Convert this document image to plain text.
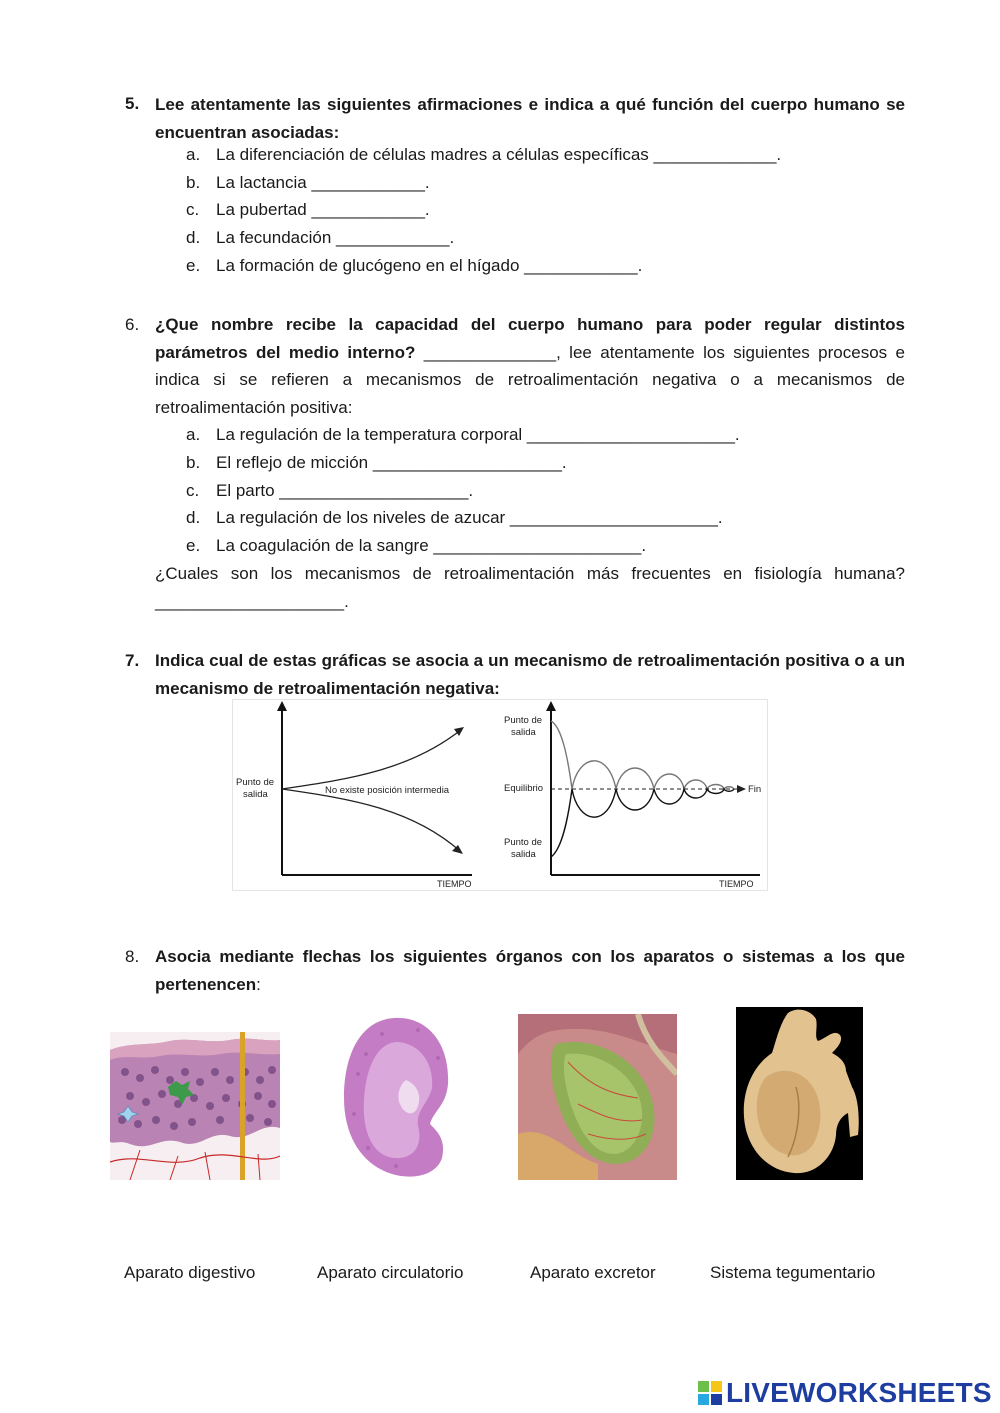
5. Lee atentamente las siguientes afirmaciones e indica a qué función del cuerpo humano se encuentran asociadas:
a. La diferenciación de células madres a células específicas _____________.
b. La lactancia ____________.
c. La pubertad ____________.
d. La fecundación ____________.
e. La formación de glucógeno en el hígado ____________.
6. ¿Que nombre recibe la capacidad del cuerpo humano para poder regular distintos parámetros del medio interno? ______________, lee atentamente los siguientes procesos e indica si se refieren a mecanismos de retroalimentación negativa o a mecanismos de retroalimentación positiva:
a. La regulación de la temperatura corporal ______________________.
b. El reflejo de micción ____________________.
c. El parto ____________________.
d. La regulación de los niveles de azucar ______________________.
e. La coagulación de la sangre ______________________.
¿Cuales son los mecanismos de retroalimentación más frecuentes en fisiología humana? ____________________.
7. Indica cual de estas gráficas se asocia a un mecanismo de retroalimentación positiva o a un mecanismo de retroalimentación negativa:
Punto de
salida	No existe posición intermedia
TIEMPO
Punto de
salida
Equilibrio	Fin
Punto de
salida
TIEMPO
8. Asocia mediante flechas los siguientes órganos con los aparatos o sistemas a los que pertenencen:
Aparato digestivo	Aparato circulatorio	Aparato excretor	Sistema tegumentario
LIVEWORKSHEETS
